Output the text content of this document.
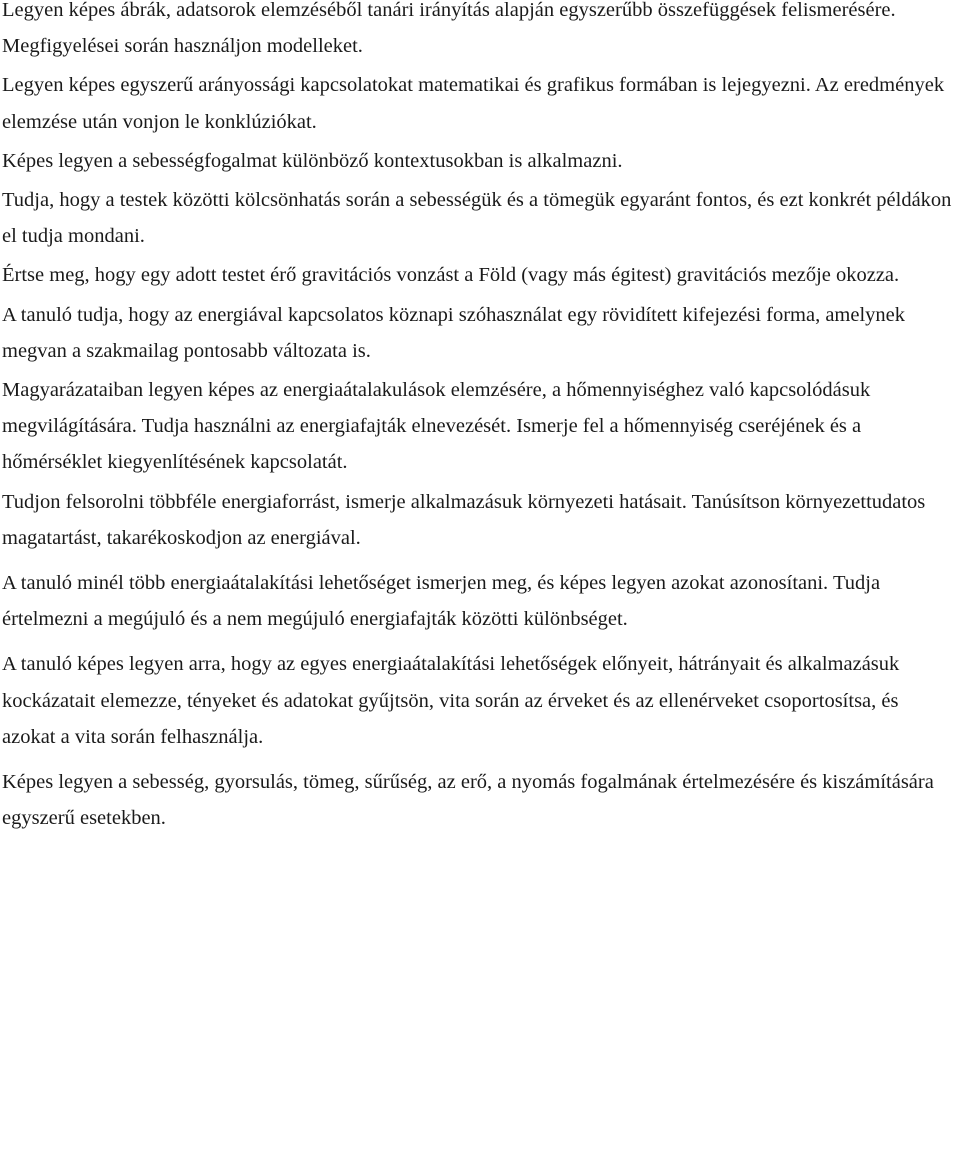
Legyen képes ábrák, adatsorok elemzéséből tanári irányítás alapján egyszerűbb összefüggések felismerésére. Megfigyelései során használjon modelleket.

Legyen képes egyszerű arányossági kapcsolatokat matematikai és grafikus formában is lejegyezni. Az eredmények elemzése után vonjon le konklúziókat.

Képes legyen a sebességfogalmat különböző kontextusokban is alkalmazni.

Tudja, hogy a testek közötti kölcsönhatás során a sebességük és a tömegük egyaránt fontos, és ezt konkrét példákon el tudja mondani.

Értse meg, hogy egy adott testet érő gravitációs vonzást a Föld (vagy más égitest) gravitációs mezője okozza.

A tanuló tudja, hogy az energiával kapcsolatos köznapi szóhasználat egy rövidített kifejezési forma, amelynek megvan a szakmailag pontosabb változata is.

Magyarázataiban legyen képes az energiaátalakulások elemzésére, a hőmennyiséghez való kapcsolódásuk megvilágítására. Tudja használni az energiafajták elnevezését. Ismerje fel a hőmennyiség cseréjének és a hőmérséklet kiegyenlítésének kapcsolatát.

Tudjon felsorolni többféle energiaforrást, ismerje alkalmazásuk környezeti hatásait. Tanúsítson környezettudatos magatartást, takarékoskodjon az energiával.

A tanuló minél több energiaátalakítási lehetőséget ismerjen meg, és képes legyen azokat azonosítani. Tudja értelmezni a megújuló és a nem megújuló energiafajták közötti különbséget.

A tanuló képes legyen arra, hogy az egyes energiaátalakítási lehetőségek előnyeit, hátrányait és alkalmazásuk kockázatait elemezze, tényeket és adatokat gyűjtsön, vita során az érveket és az ellenérveket csoportosítsa, és azokat a vita során felhasználja.

Képes legyen a sebesség, gyorsulás, tömeg, sűrűség, az erő, a nyomás fogalmának értelmezésére és kiszámítására egyszerű esetekben.
